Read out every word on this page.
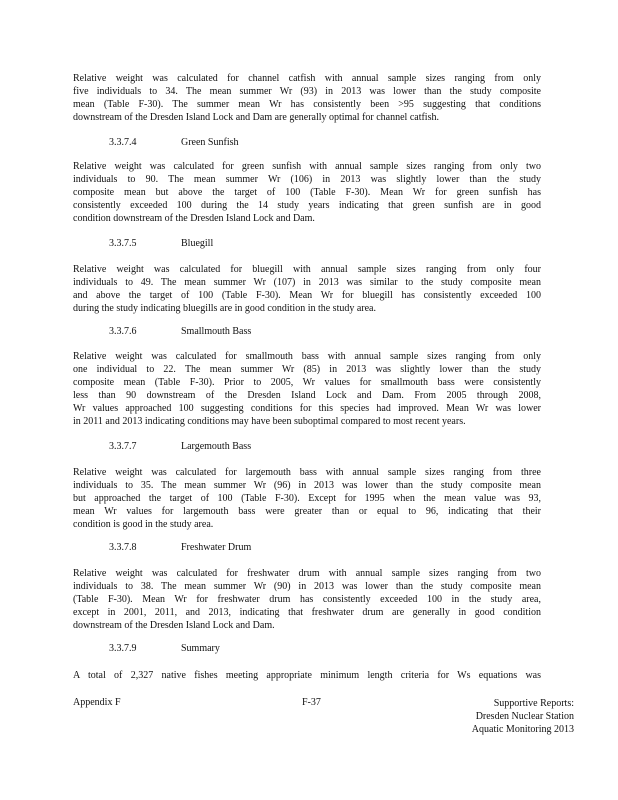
Relative weight was calculated for channel catfish with annual sample sizes ranging from only
five individuals to 34. The mean summer Wr (93) in 2013 was lower than the study composite
mean (Table F-30). The summer mean Wr has consistently been >95 suggesting that conditions
downstream of the Dresden Island Lock and Dam are generally optimal for channel catfish.

3.3.7.4	Green Sunfish

Relative weight was calculated for green sunfish with annual sample sizes ranging from only two
individuals to 90. The mean summer Wr (106) in 2013 was slightly lower than the study
composite mean but above the target of 100 (Table F-30). Mean Wr for green sunfish has
consistently exceeded 100 during the 14 study years indicating that green sunfish are in good
condition downstream of the Dresden Island Lock and Dam.

3.3.7.5	Bluegill

Relative weight was calculated for bluegill with annual sample sizes ranging from only four
individuals to 49. The mean summer Wr (107) in 2013 was similar to the study composite mean
and above the target of 100 (Table F-30). Mean Wr for bluegill has consistently exceeded 100
during the study indicating bluegills are in good condition in the study area.

3.3.7.6	Smallmouth Bass

Relative weight was calculated for smallmouth bass with annual sample sizes ranging from only
one individual to 22. The mean summer Wr (85) in 2013 was slightly lower than the study
composite mean (Table F-30). Prior to 2005, Wr values for smallmouth bass were consistently
less than 90 downstream of the Dresden Island Lock and Dam. From 2005 through 2008,
Wr values approached 100 suggesting conditions for this species had improved. Mean Wr was lower
in 2011 and 2013 indicating conditions may have been suboptimal compared to most recent years.

3.3.7.7	Largemouth Bass

Relative weight was calculated for largemouth bass with annual sample sizes ranging from three
individuals to 35. The mean summer Wr (96) in 2013 was lower than the study composite mean
but approached the target of 100 (Table F-30). Except for 1995 when the mean value was 93,
mean Wr values for largemouth bass were greater than or equal to 96, indicating that their
condition is good in the study area.

3.3.7.8	Freshwater Drum

Relative weight was calculated for freshwater drum with annual sample sizes ranging from two
individuals to 38. The mean summer Wr (90) in 2013 was lower than the study composite mean
(Table F-30). Mean Wr for freshwater drum has consistently exceeded 100 in the study area,
except in 2001, 2011, and 2013, indicating that freshwater drum are generally in good condition
downstream of the Dresden Island Lock and Dam.

3.3.7.9	Summary

A total of 2,327 native fishes meeting appropriate minimum length criteria for Ws equations was

Appendix F	F-37	Supportive Reports:
Dresden Nuclear Station
Aquatic Monitoring 2013
